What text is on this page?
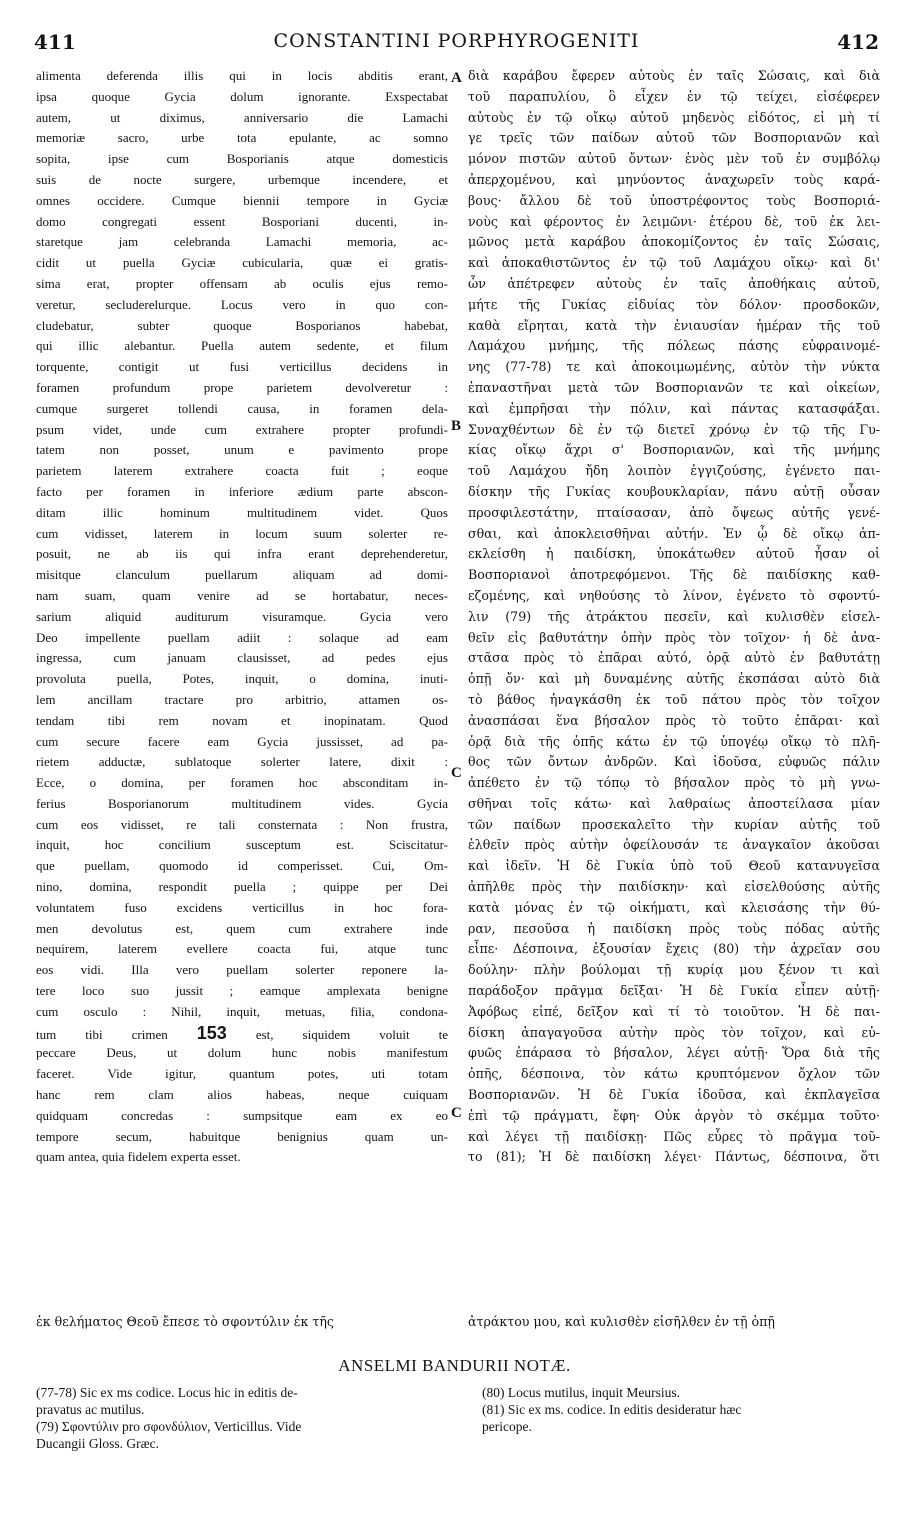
411	CONSTANTINI PORPHYROGENITI	412
A
B
C
C
alimenta deferenda illis qui in locis abditis erant,
ipsa quoque Gycia dolum ignorante. Exspectabat
autem, ut diximus, anniversario die Lamachi
memoriæ sacro, urbe tota epulante, ac somno
sopita, ipse cum Bosporianis atque domesticis
suis de nocte surgere, urbemque incendere, et
omnes occidere. Cumque biennii tempore in Gyciæ
domo congregati essent Bosporiani ducenti, in-
staretque jam celebranda Lamachi memoria, ac-
cidit ut puella Gyciæ cubicularia, quæ ei gratis-
sima erat, propter offensam ab oculis ejus remo-
veretur, secluderelurque. Locus vero in quo con-
cludebatur, subter quoque Bosporianos habebat,
qui illic alebantur. Puella autem sedente, et filum
torquente, contigit ut fusi verticillus decidens in
foramen profundum prope parietem devolveretur :
cumque surgeret tollendi causa, in foramen dela-
psum videt, unde cum extrahere propter profundi-
tatem non posset, unum e pavimento prope
parietem laterem extrahere coacta fuit ; eoque
facto per foramen in inferiore ædium parte abscon-
ditam illic hominum multitudinem videt. Quos
cum vidisset, laterem in locum suum solerter re-
posuit, ne ab iis qui infra erant deprehenderetur,
misitque clanculum puellarum aliquam ad domi-
nam suam, quam venire ad se hortabatur, neces-
sarium aliquid auditurum visuramque. Gycia vero
Deo impellente puellam adiit : solaque ad eam
ingressa, cum januam clausisset, ad pedes ejus
provoluta puella, Potes, inquit, o domina, inuti-
lem ancillam tractare pro arbitrio, attamen os-
tendam tibi rem novam et inopinatam. Quod
cum secure facere eam Gycia jussisset, ad pa-
rietem adductæ, sublatoque solerter latere, dixit :
Ecce, o domina, per foramen hoc absconditam in-
ferius Bosporianorum multitudinem vides. Gycia
cum eos vidisset, re tali consternata : Non frustra,
inquit, hoc concilium susceptum est. Sciscitatur-
que puellam, quomodo id comperisset. Cui, Om-
nino, domina, respondit puella ; quippe per Dei
voluntatem fuso excidens verticillus in hoc fora-
men devolutus est, quem cum extrahere inde
nequirem, laterem evellere coacta fui, atque tunc
eos vidi. Illa vero puellam solerter reponere la-
tere loco suo jussit ; eamque amplexata benigne
cum osculo : Nihil, inquit, metuas, filia, condona-
tum tibi crimen 153 est, siquidem voluit te
peccare Deus, ut dolum hunc nobis manifestum
faceret. Vide igitur, quantum potes, uti totam
hanc rem clam alios habeas, neque cuiquam
quidquam concredas : sumpsitque eam ex eo
tempore secum, habuitque benignius quam un-
quam antea, quia fidelem experta esset.
διὰ καράβου ἔφερεν αὐτοὺς ἐν ταῖς Σώσαις, καὶ διὰ
τοῦ παραπυλίου, ὃ εἶχεν ἐν τῷ τείχει, εἰσέφερεν
αὐτοὺς ἐν τῷ οἴκῳ αὐτοῦ μηδενὸς εἰδότος, εἰ μὴ τί
γε τρεῖς τῶν παίδων αὐτοῦ τῶν Βοσποριανῶν καὶ
μόνον πιστῶν αὐτοῦ ὄντων· ἑνὸς μὲν τοῦ ἐν συμβόλῳ
ἀπερχομένου, καὶ μηνύοντος ἀναχωρεῖν τοὺς καρά-
βους· ἄλλου δὲ τοῦ ὑποστρέφοντος τοὺς Βοσποριά-
νοὺς καὶ φέροντος ἐν λειμῶνι· ἑτέρου δὲ, τοῦ ἐκ λει-
μῶνος μετὰ καράβου ἀποκομίζοντος ἐν ταῖς Σώσαις,
καὶ ἀποκαθιστῶντος ἐν τῷ τοῦ Λαμάχου οἴκῳ· καὶ δι'
ὧν ἀπέτρεφεν αὐτοὺς ἐν ταῖς ἀποθήκαις αὐτοῦ,
μήτε τῆς Γυκίας εἰδυίας τὸν δόλον· προσδοκῶν,
καθὰ εἴρηται, κατὰ τὴν ἐνιαυσίαν ἡμέραν τῆς τοῦ
Λαμάχου μνήμης, τῆς πόλεως πάσης εὐφραινομέ-
νης (77-78) τε καὶ ἀποκοιμωμένης, αὐτὸν τὴν νύκτα
ἐπαναστῆναι μετὰ τῶν Βοσποριανῶν τε καὶ οἰκείων,
καὶ ἐμπρῆσαι τὴν πόλιν, καὶ πάντας κατασφάξαι.
Συναχθέντων δὲ ἐν τῷ διετεῖ χρόνῳ ἐν τῷ τῆς Γυ-
κίας οἴκῳ ἄχρι σ' Βοσποριανῶν, καὶ τῆς μνήμης
τοῦ Λαμάχου ἤδη λοιπὸν ἐγγιζούσης, ἐγένετο παι-
δίσκην τῆς Γυκίας κουβουκλαρίαν, πάνυ αὐτῇ οὖσαν
προσφιλεστάτην, πταίσασαν, ἀπὸ ὄψεως αὐτῆς γενέ-
σθαι, καὶ ἀποκλεισθῆναι αὐτήν. Ἐν ᾧ δὲ οἴκῳ ἀπ-
εκλείσθη ἡ παιδίσκη, ὑποκάτωθεν αὐτοῦ ἦσαν οἱ
Βοσποριανοὶ ἀποτρεφόμενοι. Τῆς δὲ παιδίσκης καθ-
εζομένης, καὶ νηθούσης τὸ λίνον, ἐγένετο τὸ σφοντύ-
λιν (79) τῆς ἀτράκτου πεσεῖν, καὶ κυλισθὲν εἰσελ-
θεῖν εἰς βαθυτάτην ὀπὴν πρὸς τὸν τοῖχον· ἡ δὲ ἀνα-
στᾶσα πρὸς τὸ ἐπᾶραι αὐτό, ὁρᾷ αὐτὸ ἐν βαθυτάτῃ
ὀπῇ ὄν· καὶ μὴ δυναμένης αὐτῆς ἐκσπάσαι αὐτὸ διὰ
τὸ βάθος ἠναγκάσθη ἐκ τοῦ πάτου πρὸς τὸν τοῖχον
ἀνασπάσαι ἕνα βήσαλον πρὸς τὸ τοῦτο ἐπᾶραι· καὶ
ὁρᾷ διὰ τῆς ὀπῆς κάτω ἐν τῷ ὑπογέῳ οἴκῳ τὸ πλῆ-
θος τῶν ὄντων ἀνδρῶν. Καὶ ἰδοῦσα, εὐφυῶς πάλιν
ἀπέθετο ἐν τῷ τόπῳ τὸ βήσαλον πρὸς τὸ μὴ γνω-
σθῆναι τοῖς κάτω· καὶ λαθραίως ἀποστείλασα μίαν
τῶν παίδων προσεκαλεῖτο τὴν κυρίαν αὐτῆς τοῦ
ἐλθεῖν πρὸς αὐτὴν ὀφείλουσάν τε ἀναγκαῖον ἀκοῦσαι
καὶ ἰδεῖν. Ἡ δὲ Γυκία ὑπὸ τοῦ Θεοῦ κατανυγεῖσα
ἀπῆλθε πρὸς τὴν παιδίσκην· καὶ εἰσελθούσης αὐτῆς
κατὰ μόνας ἐν τῷ οἰκήματι, καὶ κλεισάσης τὴν θύ-
ραν, πεσοῦσα ἡ παιδίσκη πρὸς τοὺς πόδας αὐτῆς
εἶπε· Δέσποινα, ἐξουσίαν ἔχεις (80) τὴν ἀχρεῖαν σου
δούλην· πλὴν βούλομαι τῇ κυρίᾳ μου ξένον τι καὶ
παράδοξον πρᾶγμα δεῖξαι· Ἡ δὲ Γυκία εἶπεν αὐτῇ·
Ἀφόβως εἰπέ, δεῖξον καὶ τί τὸ τοιοῦτον. Ἡ δὲ παι-
δίσκη ἀπαγαγοῦσα αὐτὴν πρὸς τὸν τοῖχον, καὶ εὐ-
φυῶς ἐπάρασα τὸ βήσαλον, λέγει αὐτῇ· Ὅρα διὰ τῆς
ὀπῆς, δέσποινα, τὸν κάτω κρυπτόμενον ὄχλον τῶν
Βοσποριανῶν. Ἡ δὲ Γυκία ἰδοῦσα, καὶ ἐκπλαγεῖσα
ἐπὶ τῷ πράγματι, ἔφη· Οὐκ ἀργὸν τὸ σκέμμα τοῦτο·
καὶ λέγει τῇ παιδίσκῃ· Πῶς εὗρες τὸ πρᾶγμα τοῦ-
το (81); Ἡ δὲ παιδίσκη λέγει· Πάντως, δέσποινα, ὅτι
ἐκ θελήματος Θεοῦ ἔπεσε τὸ σφοντύλιν ἐκ τῆς	ἀτράκτου μου, καὶ κυλισθὲν εἰσῆλθεν ἐν τῇ ὀπῇ
ANSELMI BANDURII NOTÆ.
(77-78) Sic ex ms codice. Locus hic in editis de-
pravatus ac mutilus.
(79) Σφοντύλιν pro σφονδύλιον, Verticillus. Vide
Ducangii Gloss. Græc.
(80) Locus mutilus, inquit Meursius.
(81) Sic ex ms. codice. In editis desideratur hæc
pericope.
